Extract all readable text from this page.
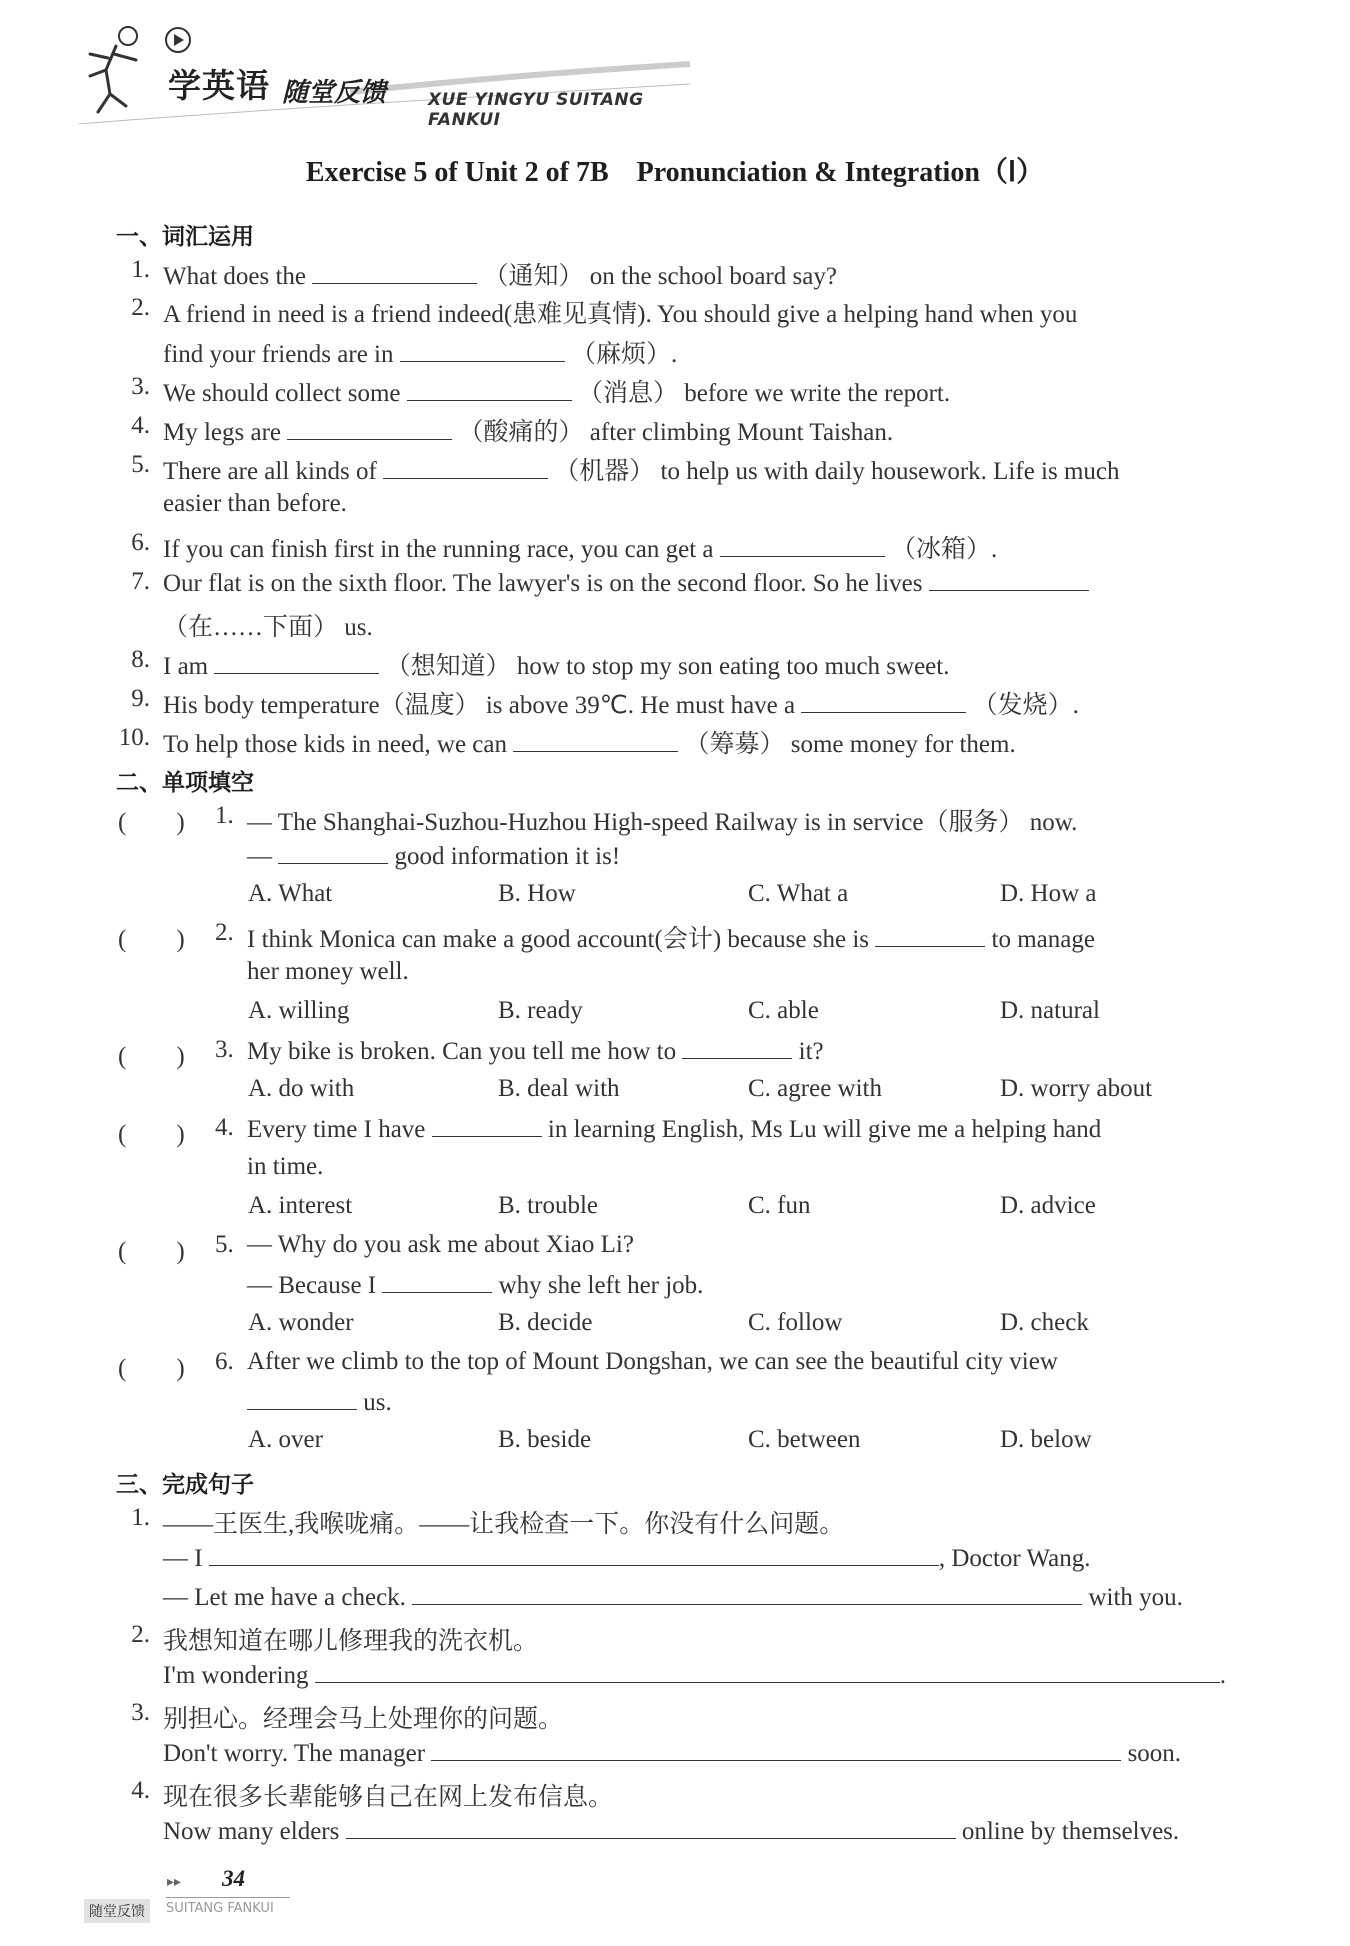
学英语 随堂反馈 XUE YINGYU SUITANG FANKUI
Exercise 5 of Unit 2 of 7B　Pronunciation & Integration（Ⅰ）
一、词汇运用
1. What does the	（通知） on the school board say?
2. A friend in need is a friend indeed(患难见真情). You should give a helping hand when you
find your friends are in	（麻烦）.
3. We should collect some	（消息） before we write the report.
4. My legs are	（酸痛的） after climbing Mount Taishan.
5. There are all kinds of	（机器） to help us with daily housework. Life is much
easier than before.
6. If you can finish first in the running race, you can get a	（冰箱）.
7. Our flat is on the sixth floor. The lawyer's is on the second floor. So he lives
（在……下面） us.
8. I am	（想知道） how to stop my son eating too much sweet.
9. His body temperature（温度） is above 39℃. He must have a	（发烧）.
10. To help those kids in need, we can	（筹募） some money for them.
二、单项填空
(　　) 1. — The Shanghai-Suzhou-Huzhou High-speed Railway is in service（服务） now.
—	good information it is!
A. What	B. How	C. What a	D. How a
(　　) 2. I think Monica can make a good account(会计) because she is	to manage
her money well.
A. willing	B. ready	C. able	D. natural
(　　) 3. My bike is broken. Can you tell me how to	it?
A. do with	B. deal with	C. agree with	D. worry about
(　　) 4. Every time I have	in learning English, Ms Lu will give me a helping hand
in time.
A. interest	B. trouble	C. fun	D. advice
(　　) 5. — Why do you ask me about Xiao Li?
— Because I	why she left her job.
A. wonder	B. decide	C. follow	D. check
(　　) 6. After we climb to the top of Mount Dongshan, we can see the beautiful city view
us.
A. over	B. beside	C. between	D. below
三、完成句子
1. ——王医生,我喉咙痛。——让我检查一下。你没有什么问题。
— I	, Doctor Wang.
— Let me have a check.	with you.
2. 我想知道在哪儿修理我的洗衣机。
I'm wondering	.
3. 别担心。经理会马上处理你的问题。
Don't worry. The manager	soon.
4. 现在很多长辈能够自己在网上发布信息。
Now many elders	online by themselves.
▸▸ 34
随堂反馈	SUITANG FANKUI
